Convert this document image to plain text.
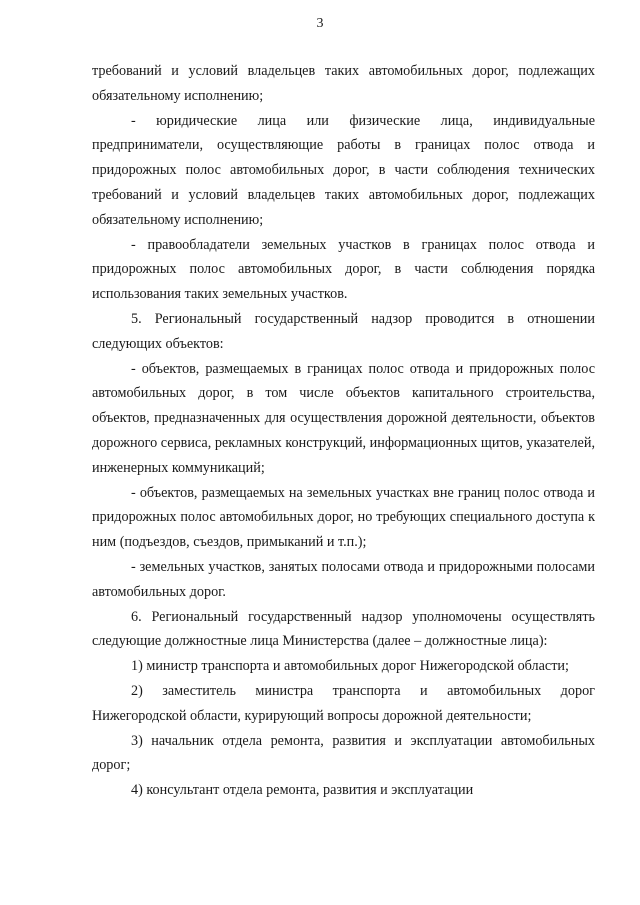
3

требований и условий владельцев таких автомобильных дорог, подлежащих обязательному исполнению;

- юридические лица или физические лица, индивидуальные предприниматели, осуществляющие работы в границах полос отвода и придорожных полос автомобильных дорог, в части соблюдения технических требований и условий владельцев таких автомобильных дорог, подлежащих обязательному исполнению;

- правообладатели земельных участков в границах полос отвода и придорожных полос автомобильных дорог, в части соблюдения порядка использования таких земельных участков.

5. Региональный государственный надзор проводится в отношении следующих объектов:

- объектов, размещаемых в границах полос отвода и придорожных полос автомобильных дорог, в том числе объектов капитального строительства, объектов, предназначенных для осуществления дорожной деятельности, объектов дорожного сервиса, рекламных конструкций, информационных щитов, указателей, инженерных коммуникаций;

- объектов, размещаемых на земельных участках вне границ полос отвода и придорожных полос автомобильных дорог, но требующих специального доступа к ним (подъездов, съездов, примыканий и т.п.);

- земельных участков, занятых полосами отвода и придорожными полосами автомобильных дорог.

6. Региональный государственный надзор уполномочены осуществлять следующие должностные лица Министерства (далее – должностные лица):

1) министр транспорта и автомобильных дорог Нижегородской области;

2) заместитель министра транспорта и автомобильных дорог Нижегородской области, курирующий вопросы дорожной деятельности;

3) начальник отдела ремонта, развития и эксплуатации автомобильных дорог;

4) консультант отдела ремонта, развития и эксплуатации
